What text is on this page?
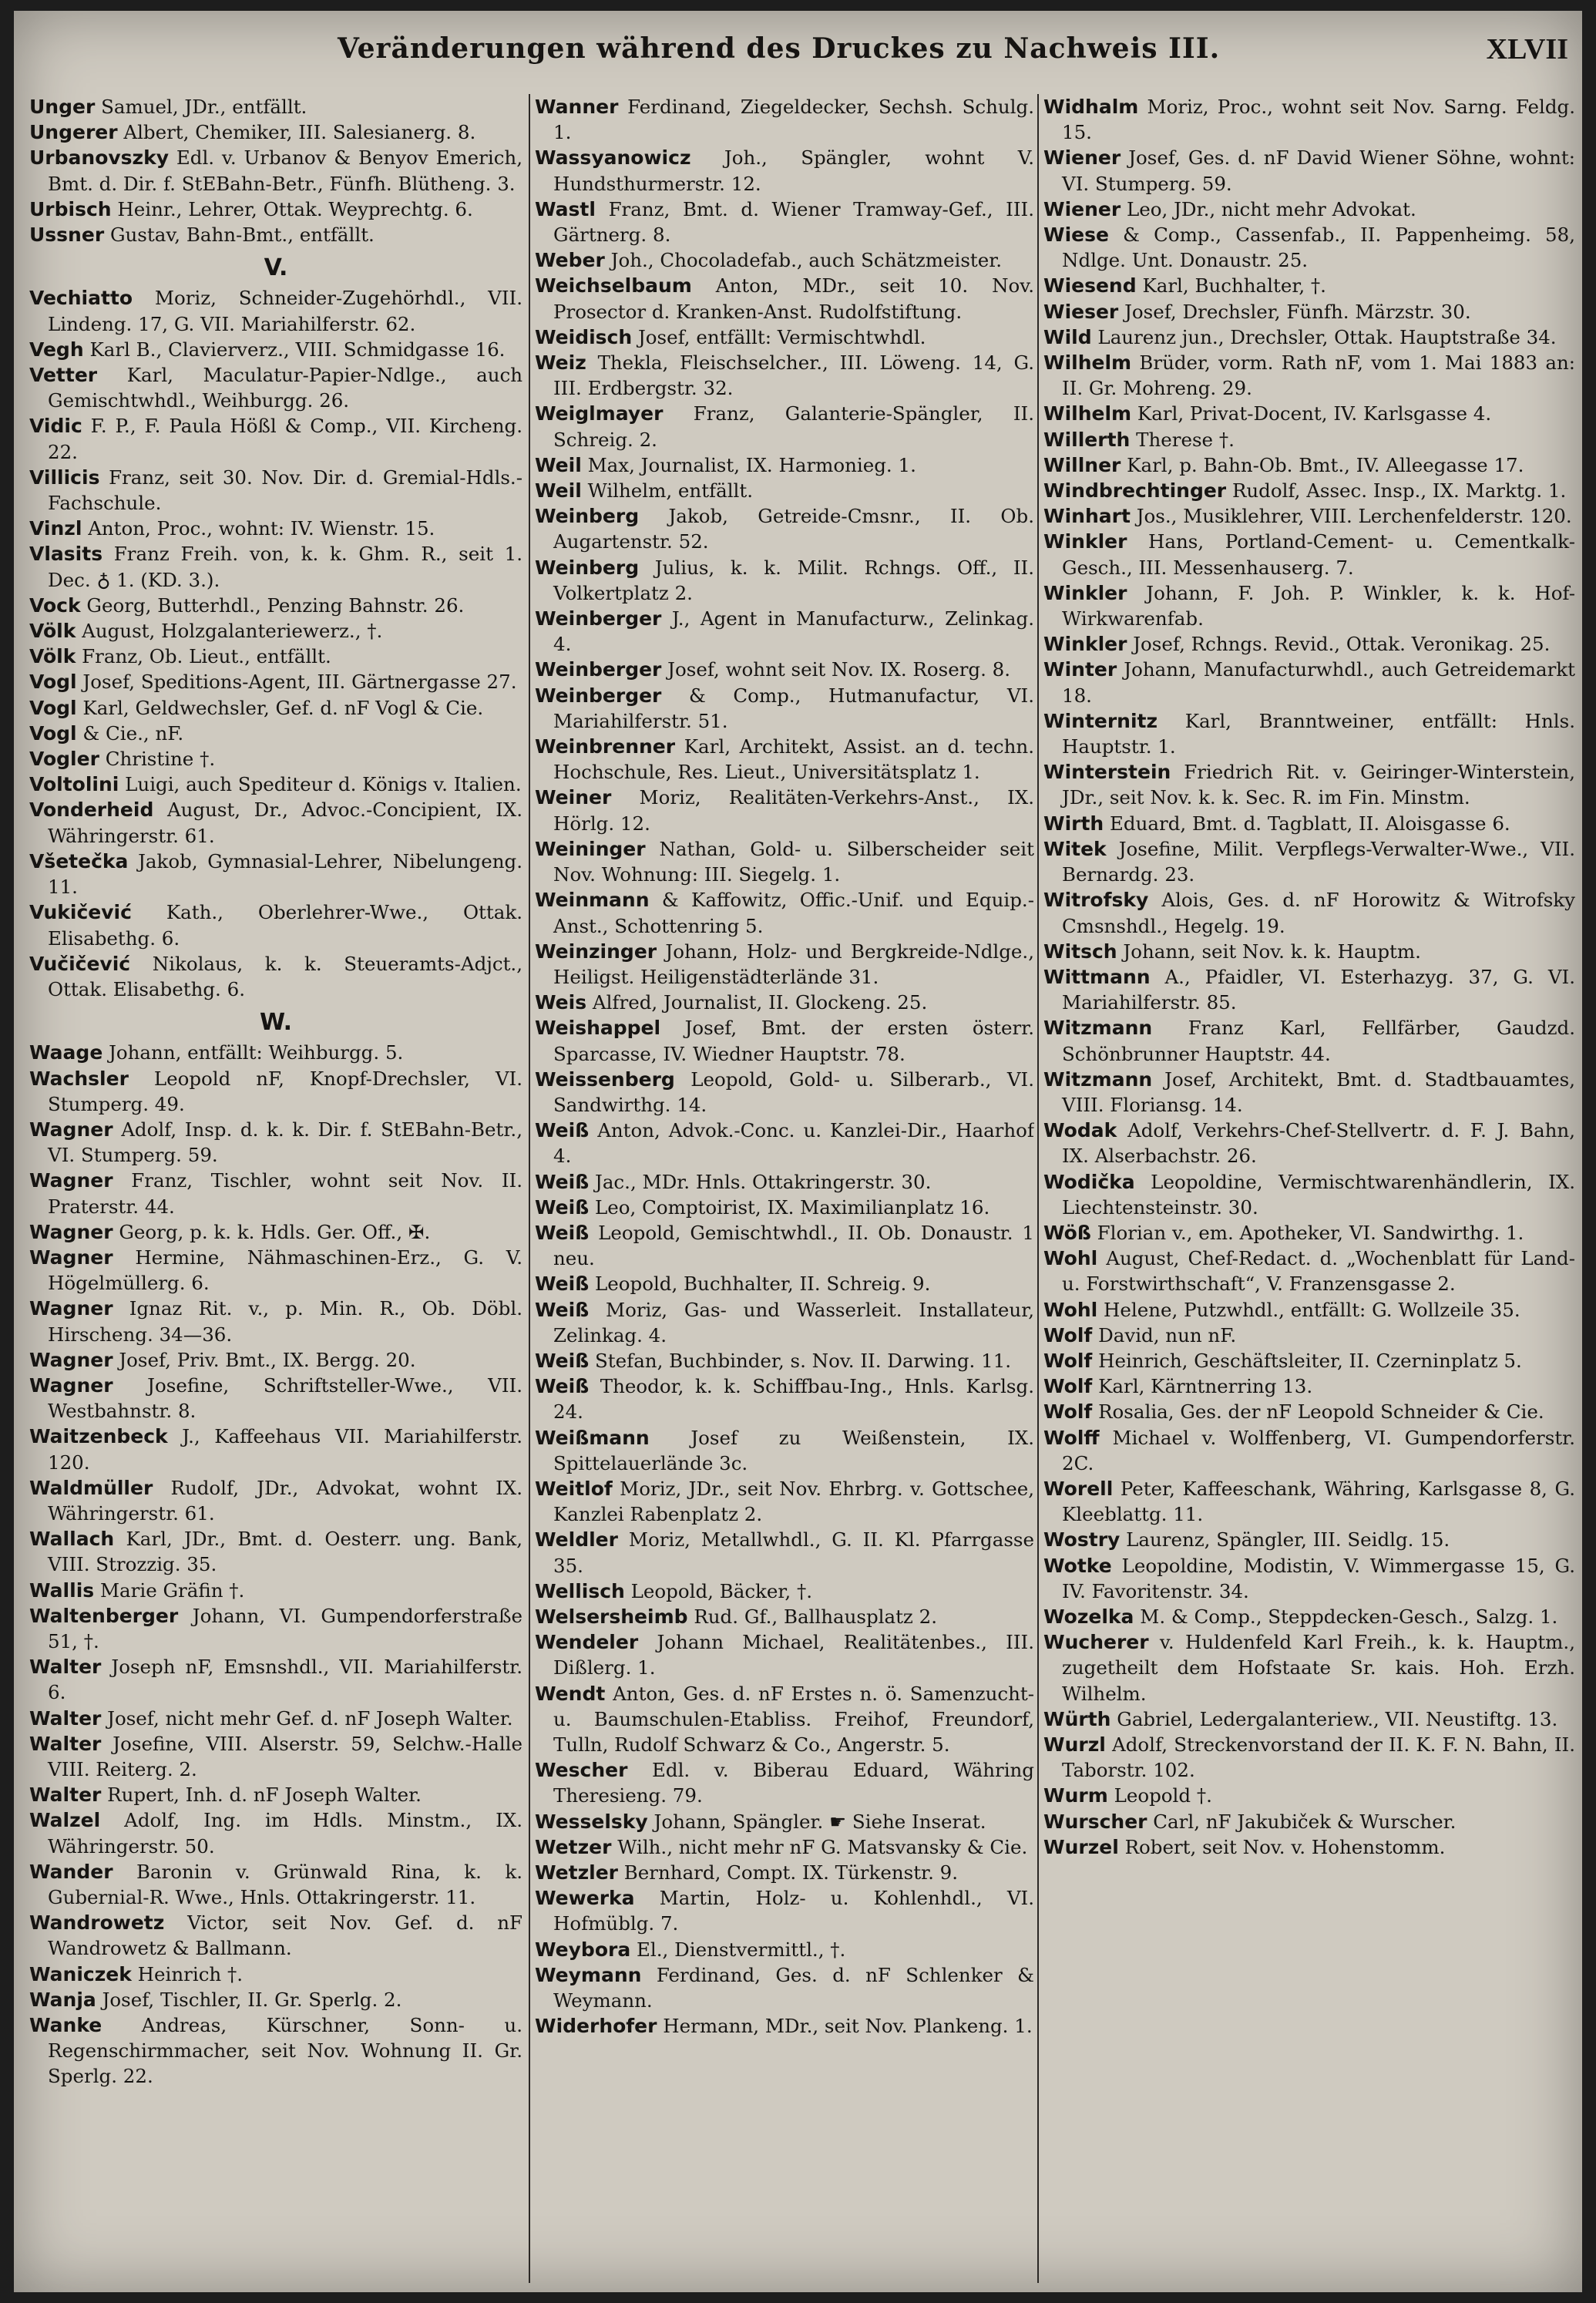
Veränderungen während des Druckes zu Nachweis III.	XLVII

Unger Samuel, JDr., entfällt.

Ungerer Albert, Chemiker, III. Salesianerg. 8.

Urbanovszky Edl. v. Urbanov & Benyov Emerich, Bmt. d. Dir. f. StEBahn-Betr., Fünfh. Blütheng. 3.

Urbisch Heinr., Lehrer, Ottak. Weyprechtg. 6.

Ussner Gustav, Bahn-Bmt., entfällt.

V.

Vechiatto Moriz, Schneider-Zugehörhdl., VII. Lindeng. 17, G. VII. Mariahilferstr. 62.

Vegh Karl B., Clavierverz., VIII. Schmidgasse 16.

Vetter Karl, Maculatur-Papier-Ndlge., auch Gemischtwhdl., Weihburgg. 26.

Vidic F. P., F. Paula Hößl & Comp., VII. Kircheng. 22.

Villicis Franz, seit 30. Nov. Dir. d. Gremial-Hdls.-Fachschule.

Vinzl Anton, Proc., wohnt: IV. Wienstr. 15.

Vlasits Franz Freih. von, k. k. Ghm. R., seit 1. Dec. ♁ 1. (KD. 3.).

Vock Georg, Butterhdl., Penzing Bahnstr. 26.

Völk August, Holzgalanteriewerz., †.

Völk Franz, Ob. Lieut., entfällt.

Vogl Josef, Speditions-Agent, III. Gärtnergasse 27.

Vogl Karl, Geldwechsler, Gef. d. nF Vogl & Cie.

Vogl & Cie., nF.

Vogler Christine †.

Voltolini Luigi, auch Spediteur d. Königs v. Italien.

Vonderheid August, Dr., Advoc.-Concipient, IX. Währingerstr. 61.

Všetečka Jakob, Gymnasial-Lehrer, Nibelungeng. 11.

Vukičević Kath., Oberlehrer-Wwe., Ottak. Elisabethg. 6.

Vučičević Nikolaus, k. k. Steueramts-Adjct., Ottak. Elisabethg. 6.

W.

Waage Johann, entfällt: Weihburgg. 5.

Wachsler Leopold nF, Knopf-Drechsler, VI. Stumperg. 49.

Wagner Adolf, Insp. d. k. k. Dir. f. StEBahn-Betr., VI. Stumperg. 59.

Wagner Franz, Tischler, wohnt seit Nov. II. Praterstr. 44.

Wagner Georg, p. k. k. Hdls. Ger. Off., ✠.

Wagner Hermine, Nähmaschinen-Erz., G. V. Högelmüllerg. 6.

Wagner Ignaz Rit. v., p. Min. R., Ob. Döbl. Hirscheng. 34—36.

Wagner Josef, Priv. Bmt., IX. Bergg. 20.

Wagner Josefine, Schriftsteller-Wwe., VII. Westbahnstr. 8.

Waitzenbeck J., Kaffeehaus VII. Mariahilferstr. 120.

Waldmüller Rudolf, JDr., Advokat, wohnt IX. Währingerstr. 61.

Wallach Karl, JDr., Bmt. d. Oesterr. ung. Bank, VIII. Strozzig. 35.

Wallis Marie Gräfin †.

Waltenberger Johann, VI. Gumpendorferstraße 51, †.

Walter Joseph nF, Emsnshdl., VII. Mariahilferstr. 6.

Walter Josef, nicht mehr Gef. d. nF Joseph Walter.

Walter Josefine, VIII. Alserstr. 59, Selchw.-Halle VIII. Reiterg. 2.

Walter Rupert, Inh. d. nF Joseph Walter.

Walzel Adolf, Ing. im Hdls. Minstm., IX. Währingerstr. 50.

Wander Baronin v. Grünwald Rina, k. k. Gubernial-R. Wwe., Hnls. Ottakringerstr. 11.

Wandrowetz Victor, seit Nov. Gef. d. nF Wandrowetz & Ballmann.

Waniczek Heinrich †.

Wanja Josef, Tischler, II. Gr. Sperlg. 2.

Wanke Andreas, Kürschner, Sonn- u. Regenschirmmacher, seit Nov. Wohnung II. Gr. Sperlg. 22.

Wanner Ferdinand, Ziegeldecker, Sechsh. Schulg. 1.

Wassyanowicz Joh., Spängler, wohnt V. Hundsthurmerstr. 12.

Wastl Franz, Bmt. d. Wiener Tramway-Gef., III. Gärtnerg. 8.

Weber Joh., Chocoladefab., auch Schätzmeister.

Weichselbaum Anton, MDr., seit 10. Nov. Prosector d. Kranken-Anst. Rudolfstiftung.

Weidisch Josef, entfällt: Vermischtwhdl.

Weiz Thekla, Fleischselcher., III. Löweng. 14, G. III. Erdbergstr. 32.

Weiglmayer Franz, Galanterie-Spängler, II. Schreig. 2.

Weil Max, Journalist, IX. Harmonieg. 1.

Weil Wilhelm, entfällt.

Weinberg Jakob, Getreide-Cmsnr., II. Ob. Augartenstr. 52.

Weinberg Julius, k. k. Milit. Rchngs. Off., II. Volkertplatz 2.

Weinberger J., Agent in Manufacturw., Zelinkag. 4.

Weinberger Josef, wohnt seit Nov. IX. Roserg. 8.

Weinberger & Comp., Hutmanufactur, VI. Mariahilferstr. 51.

Weinbrenner Karl, Architekt, Assist. an d. techn. Hochschule, Res. Lieut., Universitätsplatz 1.

Weiner Moriz, Realitäten-Verkehrs-Anst., IX. Hörlg. 12.

Weininger Nathan, Gold- u. Silberscheider seit Nov. Wohnung: III. Siegelg. 1.

Weinmann & Kaffowitz, Offic.-Unif. und Equip.-Anst., Schottenring 5.

Weinzinger Johann, Holz- und Bergkreide-Ndlge., Heiligst. Heiligenstädterlände 31.

Weis Alfred, Journalist, II. Glockeng. 25.

Weishappel Josef, Bmt. der ersten österr. Sparcasse, IV. Wiedner Hauptstr. 78.

Weissenberg Leopold, Gold- u. Silberarb., VI. Sandwirthg. 14.

Weiß Anton, Advok.-Conc. u. Kanzlei-Dir., Haarhof 4.

Weiß Jac., MDr. Hnls. Ottakringerstr. 30.

Weiß Leo, Comptoirist, IX. Maximilianplatz 16.

Weiß Leopold, Gemischtwhdl., II. Ob. Donaustr. 1 neu.

Weiß Leopold, Buchhalter, II. Schreig. 9.

Weiß Moriz, Gas- und Wasserleit. Installateur, Zelinkag. 4.

Weiß Stefan, Buchbinder, s. Nov. II. Darwing. 11.

Weiß Theodor, k. k. Schiffbau-Ing., Hnls. Karlsg. 24.

Weißmann Josef zu Weißenstein, IX. Spittelauerlände 3c.

Weitlof Moriz, JDr., seit Nov. Ehrbrg. v. Gottschee, Kanzlei Rabenplatz 2.

Weldler Moriz, Metallwhdl., G. II. Kl. Pfarrgasse 35.

Wellisch Leopold, Bäcker, †.

Welsersheimb Rud. Gf., Ballhausplatz 2.

Wendeler Johann Michael, Realitätenbes., III. Dißlerg. 1.

Wendt Anton, Ges. d. nF Erstes n. ö. Samenzucht- u. Baumschulen-Etabliss. Freihof, Freundorf, Tulln, Rudolf Schwarz & Co., Angerstr. 5.

Wescher Edl. v. Biberau Eduard, Währing Theresieng. 79.

Wesselsky Johann, Spängler. ☛ Siehe Inserat.

Wetzer Wilh., nicht mehr nF G. Matsvansky & Cie.

Wetzler Bernhard, Compt. IX. Türkenstr. 9.

Wewerka Martin, Holz- u. Kohlenhdl., VI. Hofmüblg. 7.

Weybora El., Dienstvermittl., †.

Weymann Ferdinand, Ges. d. nF Schlenker & Weymann.

Widerhofer Hermann, MDr., seit Nov. Plankeng. 1.

Widhalm Moriz, Proc., wohnt seit Nov. Sarng. Feldg. 15.

Wiener Josef, Ges. d. nF David Wiener Söhne, wohnt: VI. Stumperg. 59.

Wiener Leo, JDr., nicht mehr Advokat.

Wiese & Comp., Cassenfab., II. Pappenheimg. 58, Ndlge. Unt. Donaustr. 25.

Wiesend Karl, Buchhalter, †.

Wieser Josef, Drechsler, Fünfh. Märzstr. 30.

Wild Laurenz jun., Drechsler, Ottak. Hauptstraße 34.

Wilhelm Brüder, vorm. Rath nF, vom 1. Mai 1883 an: II. Gr. Mohreng. 29.

Wilhelm Karl, Privat-Docent, IV. Karlsgasse 4.

Willerth Therese †.

Willner Karl, p. Bahn-Ob. Bmt., IV. Alleegasse 17.

Windbrechtinger Rudolf, Assec. Insp., IX. Marktg. 1.

Winhart Jos., Musiklehrer, VIII. Lerchenfelderstr. 120.

Winkler Hans, Portland-Cement- u. Cementkalk-Gesch., III. Messenhauserg. 7.

Winkler Johann, F. Joh. P. Winkler, k. k. Hof-Wirkwarenfab.

Winkler Josef, Rchngs. Revid., Ottak. Veronikag. 25.

Winter Johann, Manufacturwhdl., auch Getreidemarkt 18.

Winternitz Karl, Branntweiner, entfällt: Hnls. Hauptstr. 1.

Winterstein Friedrich Rit. v. Geiringer-Winterstein, JDr., seit Nov. k. k. Sec. R. im Fin. Minstm.

Wirth Eduard, Bmt. d. Tagblatt, II. Aloisgasse 6.

Witek Josefine, Milit. Verpflegs-Verwalter-Wwe., VII. Bernardg. 23.

Witrofsky Alois, Ges. d. nF Horowitz & Witrofsky Cmsnshdl., Hegelg. 19.

Witsch Johann, seit Nov. k. k. Hauptm.

Wittmann A., Pfaidler, VI. Esterhazyg. 37, G. VI. Mariahilferstr. 85.

Witzmann Franz Karl, Fellfärber, Gaudzd. Schönbrunner Hauptstr. 44.

Witzmann Josef, Architekt, Bmt. d. Stadtbauamtes, VIII. Floriansg. 14.

Wodak Adolf, Verkehrs-Chef-Stellvertr. d. F. J. Bahn, IX. Alserbachstr. 26.

Wodička Leopoldine, Vermischtwarenhändlerin, IX. Liechtensteinstr. 30.

Wöß Florian v., em. Apotheker, VI. Sandwirthg. 1.

Wohl August, Chef-Redact. d. „Wochenblatt für Land- u. Forstwirthschaft“, V. Franzensgasse 2.

Wohl Helene, Putzwhdl., entfällt: G. Wollzeile 35.

Wolf David, nun nF.

Wolf Heinrich, Geschäftsleiter, II. Czerninplatz 5.

Wolf Karl, Kärntnerring 13.

Wolf Rosalia, Ges. der nF Leopold Schneider & Cie.

Wolff Michael v. Wolffenberg, VI. Gumpendorferstr. 2C.

Worell Peter, Kaffeeschank, Währing, Karlsgasse 8, G. Kleeblattg. 11.

Wostry Laurenz, Spängler, III. Seidlg. 15.

Wotke Leopoldine, Modistin, V. Wimmergasse 15, G. IV. Favoritenstr. 34.

Wozelka M. & Comp., Steppdecken-Gesch., Salzg. 1.

Wucherer v. Huldenfeld Karl Freih., k. k. Hauptm., zugetheilt dem Hofstaate Sr. kais. Hoh. Erzh. Wilhelm.

Würth Gabriel, Ledergalanteriew., VII. Neustiftg. 13.

Wurzl Adolf, Streckenvorstand der II. K. F. N. Bahn, II. Taborstr. 102.

Wurm Leopold †.

Wurscher Carl, nF Jakubiček & Wurscher.

Wurzel Robert, seit Nov. v. Hohenstomm.
